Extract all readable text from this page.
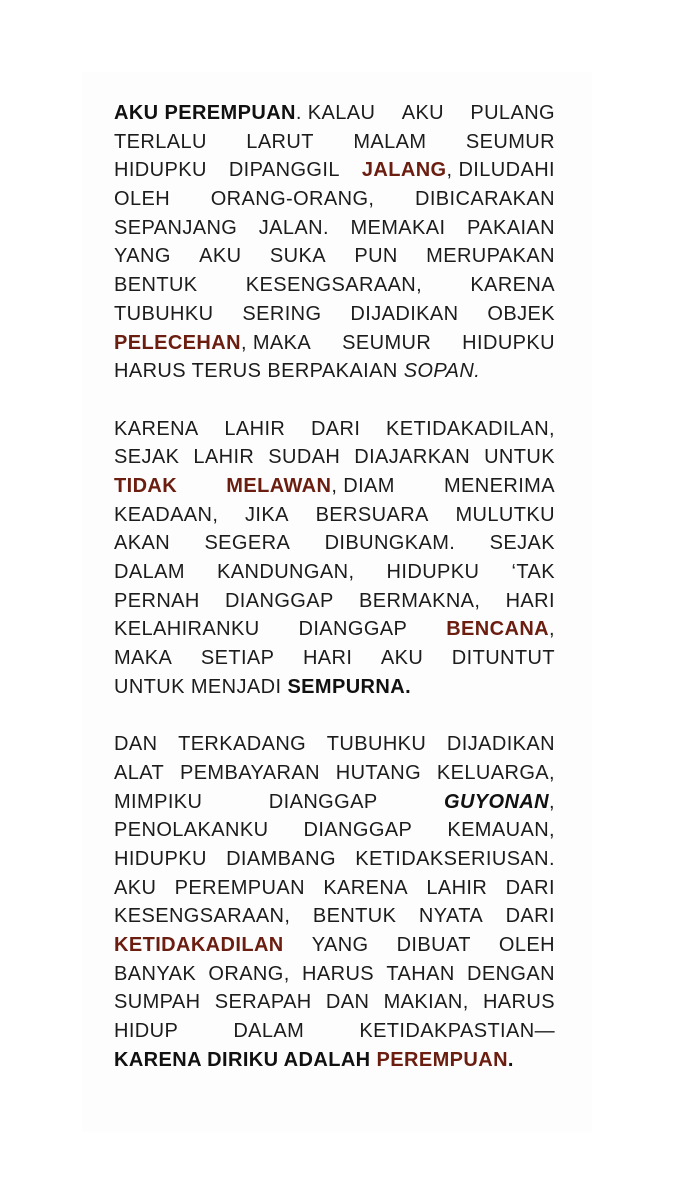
AKU PEREMPUAN. KALAU AKU PULANG
TERLALU LARUT MALAM SEUMUR
HIDUPKU DIPANGGIL JALANG, DILUDAHI
OLEH ORANG-ORANG, DIBICARAKAN
SEPANJANG JALAN. MEMAKAI PAKAIAN
YANG AKU SUKA PUN MERUPAKAN
BENTUK KESENGSARAAN, KARENA
TUBUHKU SERING DIJADIKAN OBJEK
PELECEHAN, MAKA SEUMUR HIDUPKU
HARUS TERUS BERPAKAIAN SOPAN.
KARENA LAHIR DARI KETIDAKADILAN,
SEJAK LAHIR SUDAH DIAJARKAN UNTUK
TIDAK MELAWAN, DIAM MENERIMA
KEADAAN, JIKA BERSUARA MULUTKU
AKAN SEGERA DIBUNGKAM. SEJAK
DALAM KANDUNGAN, HIDUPKU ‘TAK
PERNAH DIANGGAP BERMAKNA, HARI
KELAHIRANKU DIANGGAP BENCANA,
MAKA SETIAP HARI AKU DITUNTUT
UNTUK MENJADI SEMPURNA.
DAN TERKADANG TUBUHKU DIJADIKAN
ALAT PEMBAYARAN HUTANG KELUARGA,
MIMPIKU	DIANGGAP	GUYONAN,
PENOLAKANKU DIANGGAP KEMAUAN,
HIDUPKU DIAMBANG KETIDAKSERIUSAN.
AKU PEREMPUAN KARENA LAHIR DARI
KESENGSARAAN, BENTUK NYATA DARI
KETIDAKADILAN YANG DIBUAT OLEH
BANYAK ORANG, HARUS TAHAN DENGAN
SUMPAH SERAPAH DAN MAKIAN, HARUS
HIDUP	DALAM	KETIDAKPASTIAN—
KARENA DIRIKU ADALAH PEREMPUAN.
